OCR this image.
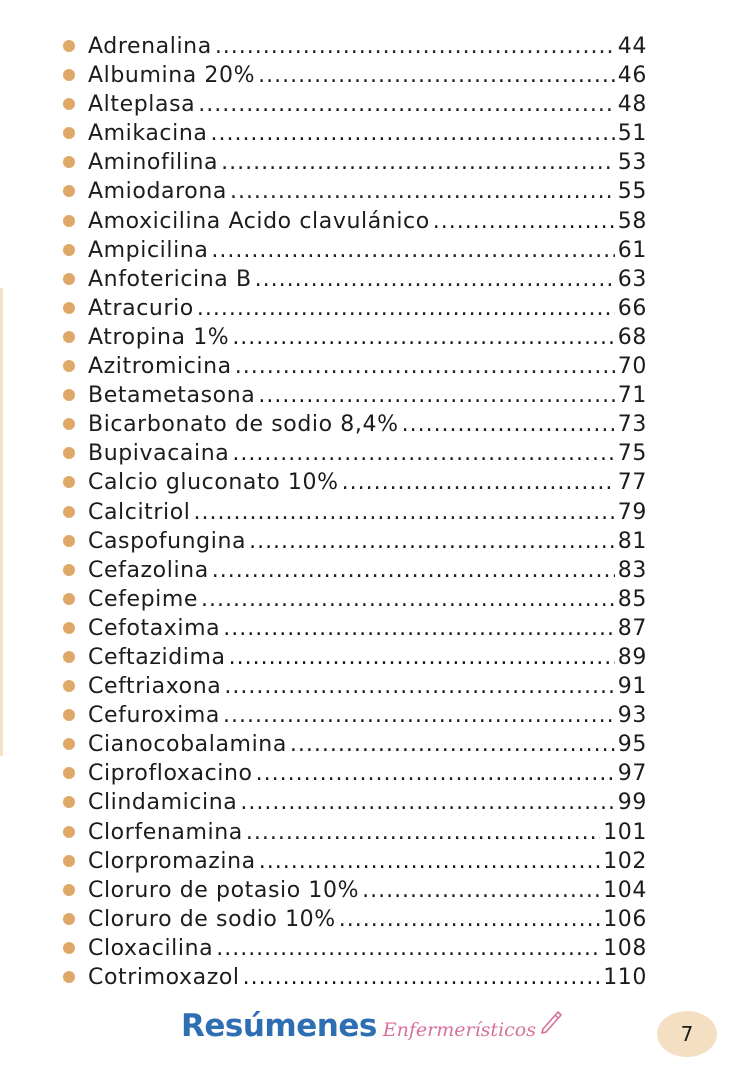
Adrenalina .....	44
Albumina 20% .....	46
Alteplasa .....	48
Amikacina .....	51
Aminofilina .....	53
Amiodarona .....	55
Amoxicilina Acido clavulánico .....	58
Ampicilina .....	61
Anfotericina B .....	63
Atracurio .....	66
Atropina 1% .....	68
Azitromicina .....	70
Betametasona .....	71
Bicarbonato de sodio 8,4% .....	73
Bupivacaina .....	75
Calcio gluconato 10% .....	77
Calcitriol .....	79
Caspofungina .....	81
Cefazolina .....	83
Cefepime .....	85
Cefotaxima .....	87
Ceftazidima .....	89
Ceftriaxona .....	91
Cefuroxima .....	93
Cianocobalamina .....	95
Ciprofloxacino .....	97
Clindamicina .....	99
Clorfenamina .....	101
Clorpromazina .....	102
Cloruro de potasio 10% .....	104
Cloruro de sodio 10% .....	106
Cloxacilina .....	108
Cotrimoxazol .....	110
Resúmenes Enfermerísticos	7
